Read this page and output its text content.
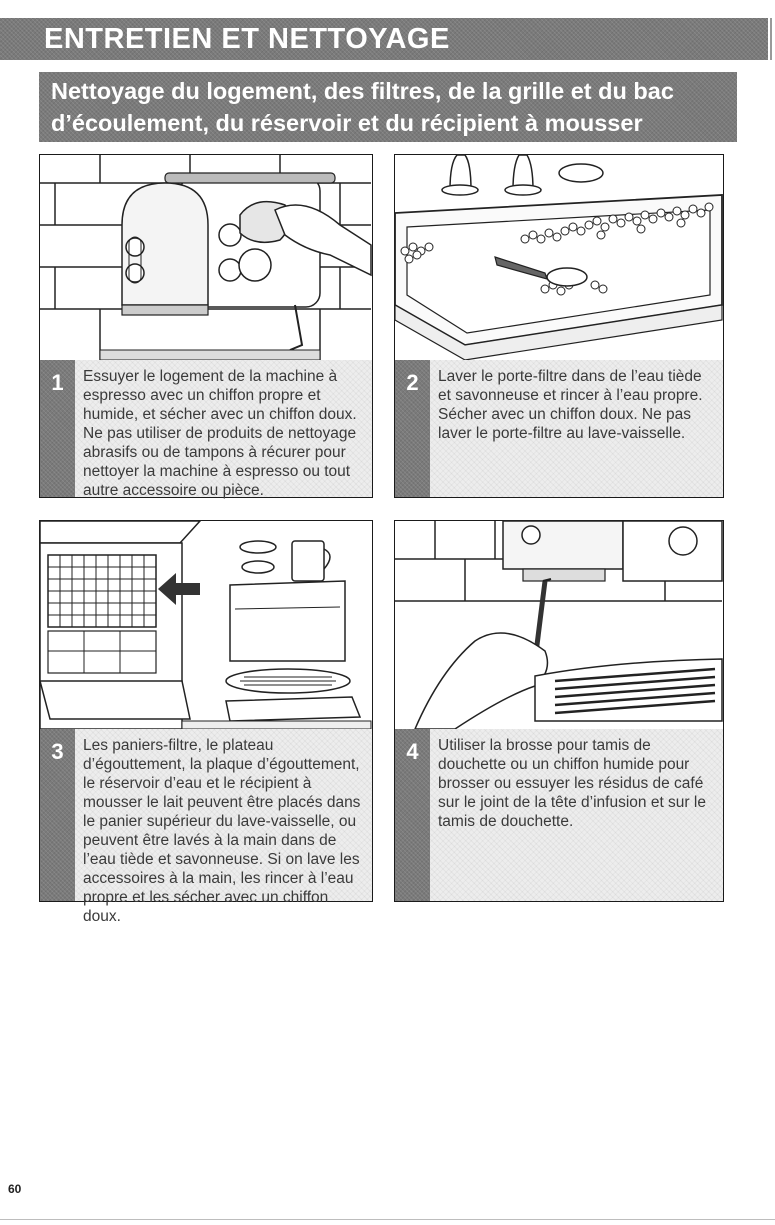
ENTRETIEN ET NETTOYAGE
Nettoyage du logement, des filtres, de la grille et du bac
d’écoulement, du réservoir et du récipient à mousser
1	Essuyer le logement de la machine à espresso avec un chiffon propre et humide, et sécher avec un chiffon doux. Ne pas utiliser de produits de nettoyage abrasifs ou de tampons à récurer pour nettoyer la machine à espresso ou tout autre accessoire ou pièce.
2	Laver le porte-filtre dans de l’eau tiède et savonneuse et rincer à l’eau propre. Sécher avec un chiffon doux. Ne pas laver le porte-filtre au lave-vaisselle.
3	Les paniers-filtre, le plateau d’égouttement, la plaque d’égouttement, le réservoir d’eau et le récipient à mousser le lait peuvent être placés dans le panier supérieur du lave-vaisselle, ou peuvent être lavés à la main dans de l’eau tiède et savonneuse. Si on lave les accessoires à la main, les rincer à l’eau propre et les sécher avec un chiffon doux.
4	Utiliser la brosse pour tamis de douchette ou un chiffon humide pour brosser ou essuyer les résidus de café sur le joint de la tête d’infusion et sur le tamis de douchette.
60
